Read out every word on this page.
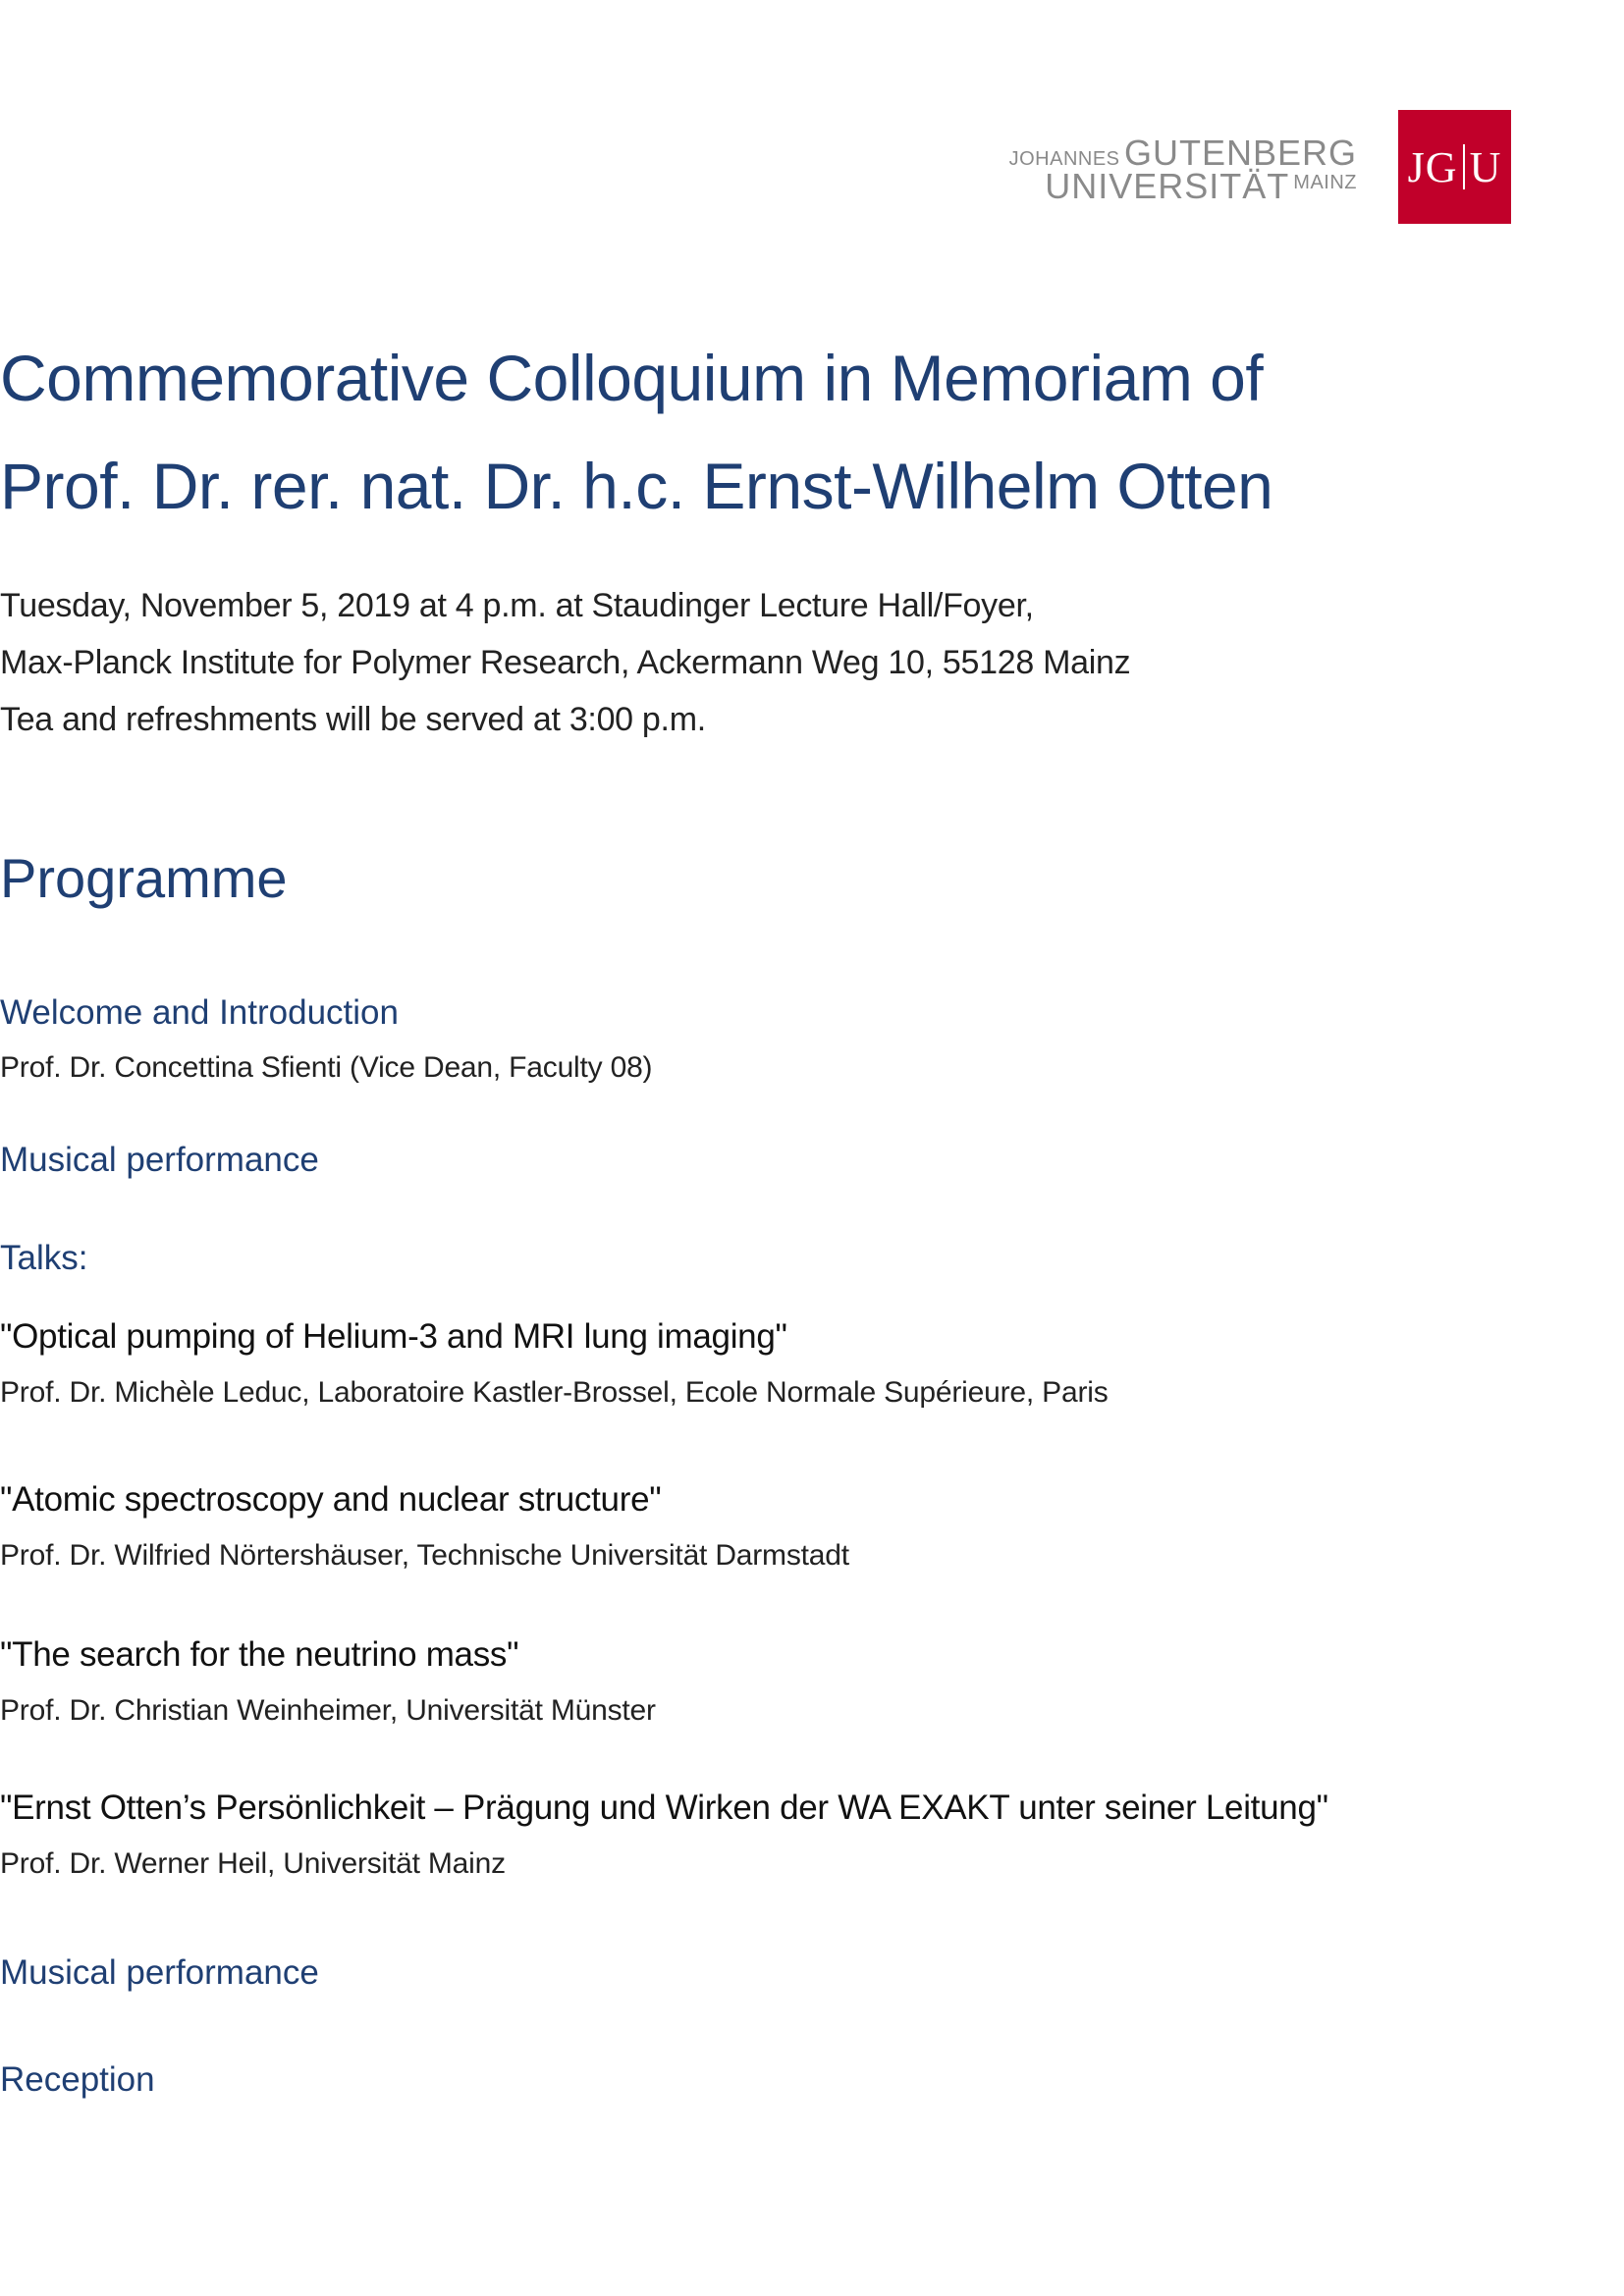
JOHANNES GUTENBERG
UNIVERSITÄT MAINZ JG U
Commemorative Colloquium in Memoriam of
Prof. Dr. rer. nat. Dr. h.c. Ernst-Wilhelm Otten
Tuesday, November 5, 2019 at 4 p.m. at Staudinger Lecture Hall/Foyer,
Max-Planck Institute for Polymer Research, Ackermann Weg 10, 55128 Mainz
Tea and refreshments will be served at 3:00 p.m.
Programme
Welcome and Introduction
Prof. Dr. Concettina Sfienti (Vice Dean, Faculty 08)
Musical performance
Talks:
"Optical pumping of Helium-3 and MRI lung imaging"
Prof. Dr. Michèle Leduc, Laboratoire Kastler-Brossel, Ecole Normale Supérieure, Paris
"Atomic spectroscopy and nuclear structure"
Prof. Dr. Wilfried Nörtershäuser, Technische Universität Darmstadt
"The search for the neutrino mass"
Prof. Dr. Christian Weinheimer, Universität Münster
"Ernst Otten’s Persönlichkeit – Prägung und Wirken der WA EXAKT unter seiner Leitung"
Prof. Dr. Werner Heil, Universität Mainz
Musical performance
Reception
